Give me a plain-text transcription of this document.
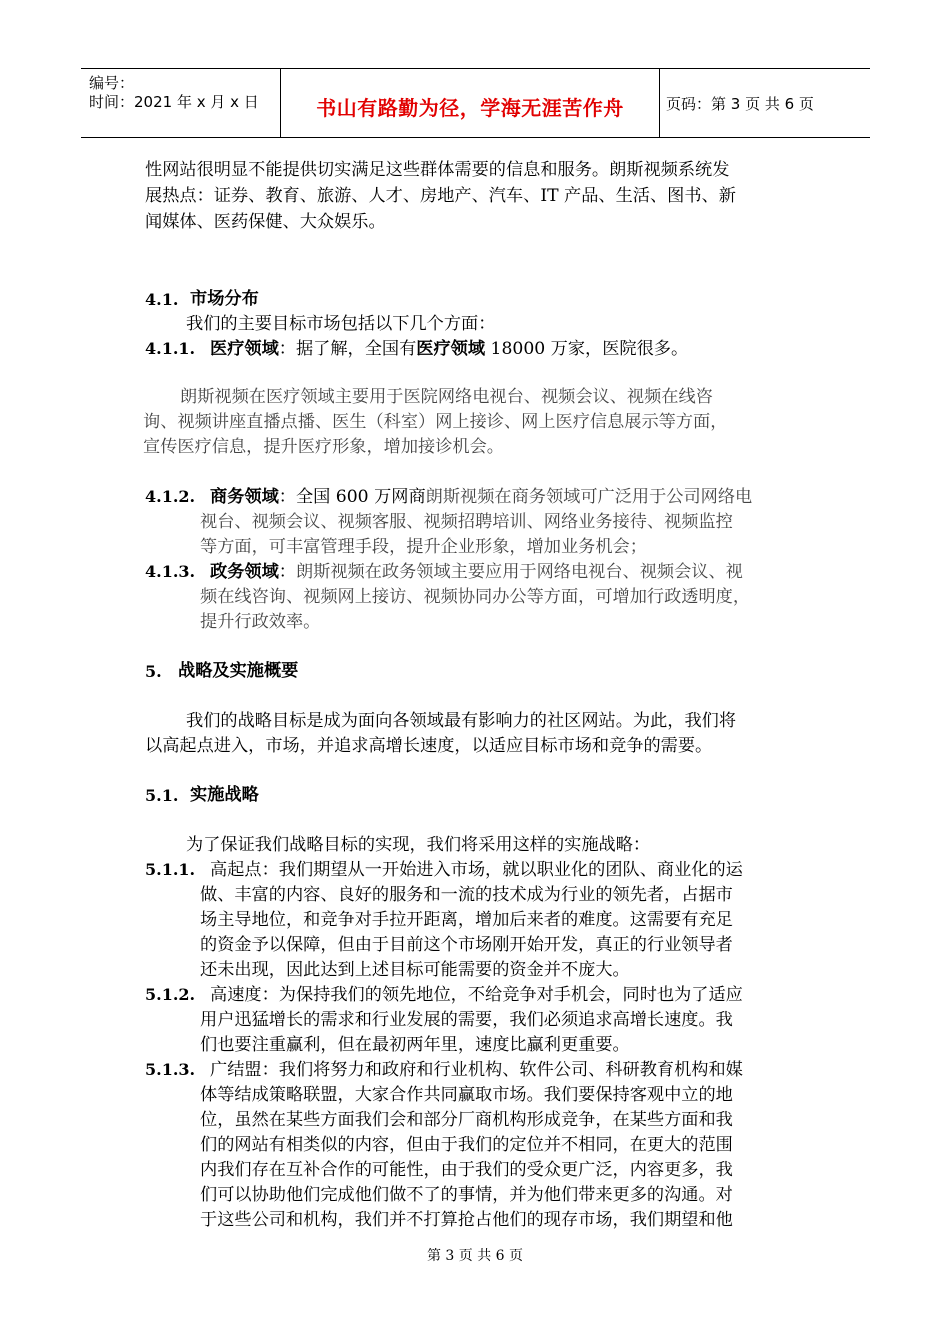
编号：
时间：2021 年 x 月 x 日	书山有路勤为径，学海无涯苦作舟	页码：第 3 页 共 6 页
性网站很明显不能提供切实满足这些群体需要的信息和服务。朗斯视频系统发
展热点：证券、教育、旅游、人才、房地产、汽车、IT 产品、生活、图书、新
闻媒体、医药保健、大众娱乐。
4.1. 市场分布
我们的主要目标市场包括以下几个方面：
4.1.1. 医疗领域：据了解，全国有医疗领域 18000 万家，医院很多。
朗斯视频在医疗领域主要用于医院网络电视台、视频会议、视频在线咨
询、视频讲座直播点播、医生（科室）网上接诊、网上医疗信息展示等方面，
宣传医疗信息，提升医疗形象，增加接诊机会。
4.1.2. 商务领域：全国 600 万网商朗斯视频在商务领域可广泛用于公司网络电
视台、视频会议、视频客服、视频招聘培训、网络业务接待、视频监控
等方面，可丰富管理手段，提升企业形象，增加业务机会；
4.1.3. 政务领域：朗斯视频在政务领域主要应用于网络电视台、视频会议、视
频在线咨询、视频网上接访、视频协同办公等方面，可增加行政透明度，
提升行政效率。
5. 战略及实施概要
我们的战略目标是成为面向各领域最有影响力的社区网站。为此，我们将
以高起点进入，市场，并追求高增长速度，以适应目标市场和竞争的需要。
5.1. 实施战略
为了保证我们战略目标的实现，我们将采用这样的实施战略：
5.1.1. 高起点：我们期望从一开始进入市场，就以职业化的团队、商业化的运
做、丰富的内容、良好的服务和一流的技术成为行业的领先者，占据市
场主导地位，和竞争对手拉开距离，增加后来者的难度。这需要有充足
的资金予以保障，但由于目前这个市场刚开始开发，真正的行业领导者
还未出现，因此达到上述目标可能需要的资金并不庞大。
5.1.2. 高速度：为保持我们的领先地位，不给竞争对手机会，同时也为了适应
用户迅猛增长的需求和行业发展的需要，我们必须追求高增长速度。我
们也要注重赢利，但在最初两年里，速度比赢利更重要。
5.1.3. 广结盟：我们将努力和政府和行业机构、软件公司、科研教育机构和媒
体等结成策略联盟，大家合作共同赢取市场。我们要保持客观中立的地
位，虽然在某些方面我们会和部分厂商机构形成竞争，在某些方面和我
们的网站有相类似的内容，但由于我们的定位并不相同，在更大的范围
内我们存在互补合作的可能性，由于我们的受众更广泛，内容更多，我
们可以协助他们完成他们做不了的事情，并为他们带来更多的沟通。对
于这些公司和机构，我们并不打算抢占他们的现存市场，我们期望和他
第 3 页 共 6 页
